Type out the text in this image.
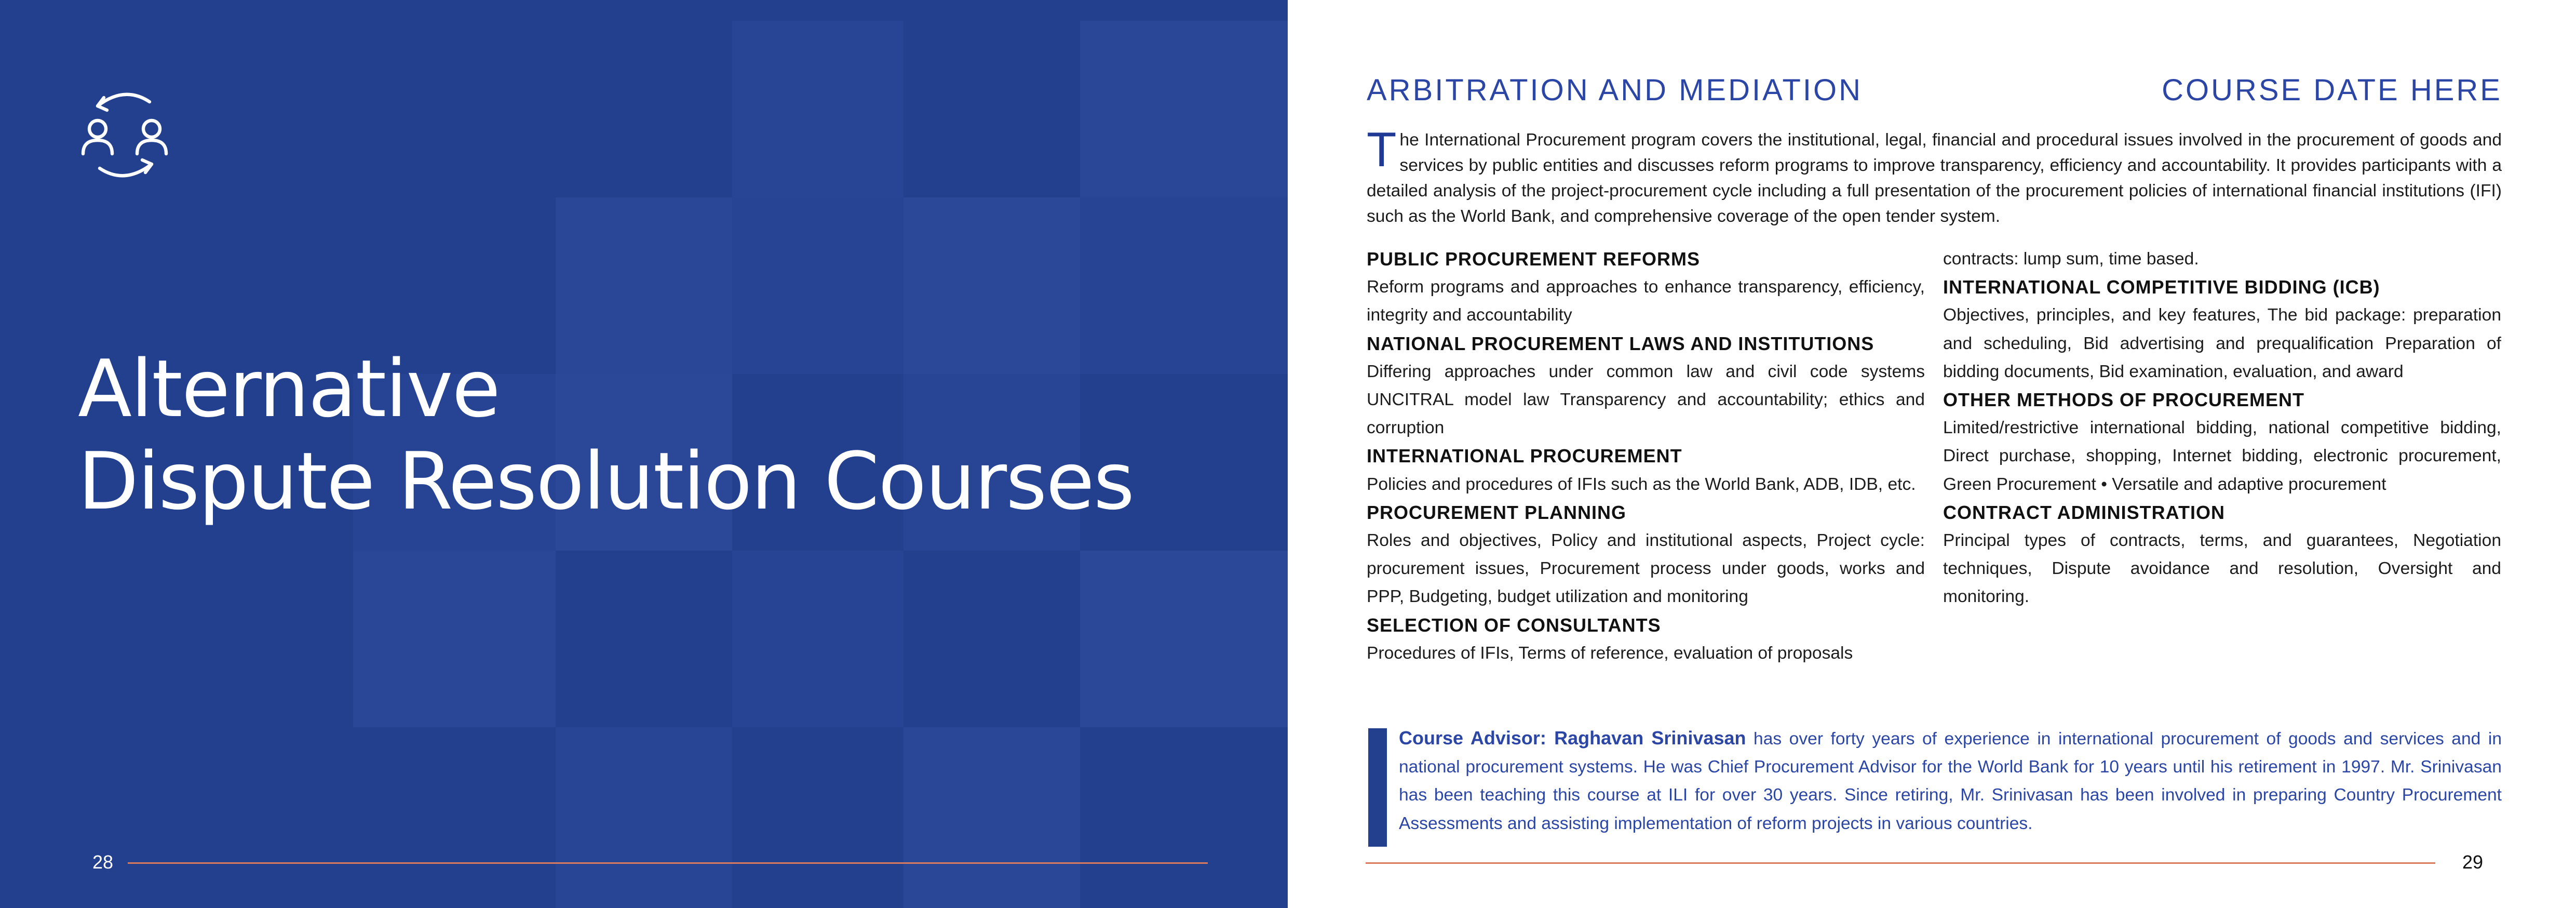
Alternative
Dispute Resolution Courses
28
ARBITRATION AND MEDIATION	COURSE DATE HERE

The International Procurement program covers the institutional, legal, financial and procedural issues involved in the procurement of goods and services by public entities and discusses reform programs to improve transparency, efficiency and accountability. It provides participants with a detailed analysis of the project-procurement cycle including a full presentation of the procurement policies of international financial institutions (IFI) such as the World Bank, and comprehensive coverage of the open tender system.

PUBLIC PROCUREMENT REFORMS

Reform programs and approaches to enhance transparency, efficiency, integrity and accountability

NATIONAL PROCUREMENT LAWS AND INSTITUTIONS

Differing approaches under common law and civil code systems UNCITRAL model law Transparency and accountability; ethics and corruption

INTERNATIONAL PROCUREMENT

Policies and procedures of IFIs such as the World Bank, ADB, IDB, etc.

PROCUREMENT PLANNING

Roles and objectives, Policy and institutional aspects, Project cycle: procurement issues, Procurement process under goods, works and PPP, Budgeting, budget utilization and monitoring

SELECTION OF CONSULTANTS

Procedures of IFIs, Terms of reference, evaluation of proposals

contracts: lump sum, time based.

INTERNATIONAL COMPETITIVE BIDDING (ICB)

Objectives, principles, and key features, The bid package: preparation and scheduling, Bid advertising and prequalification Preparation of bidding documents, Bid examination, evaluation, and award

OTHER METHODS OF PROCUREMENT

Limited/restrictive international bidding, national competitive bidding, Direct purchase, shopping, Internet bidding, electronic procurement, Green Procurement • Versatile and adaptive procurement

CONTRACT ADMINISTRATION

Principal types of contracts, terms, and guarantees, Negotiation techniques, Dispute avoidance and resolution, Oversight and monitoring.

Course Advisor: Raghavan Srinivasan has over forty years of experience in international procurement of goods and services and in national procurement systems. He was Chief Procurement Advisor for the World Bank for 10 years until his retirement in 1997. Mr. Srinivasan has been teaching this course at ILI for over 30 years. Since retiring, Mr. Srinivasan has been involved in preparing Country Procurement Assessments and assisting implementation of reform projects in various countries.

29
